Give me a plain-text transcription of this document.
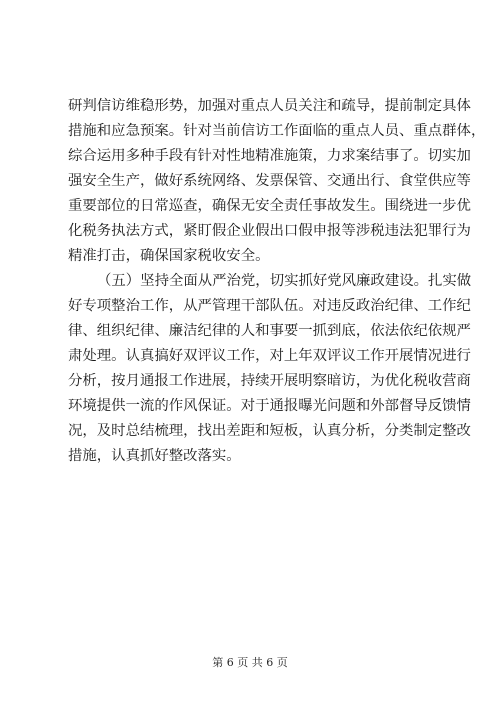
研判信访维稳形势，加强对重点人员关注和疏导，提前制定具体
措施和应急预案。针对当前信访工作面临的重点人员、重点群体，
综合运用多种手段有针对性地精准施策，力求案结事了。切实加
强安全生产，做好系统网络、发票保管、交通出行、食堂供应等
重要部位的日常巡查，确保无安全责任事故发生。围绕进一步优
化税务执法方式，紧盯假企业假出口假申报等涉税违法犯罪行为
精准打击，确保国家税收安全。
（五）坚持全面从严治党，切实抓好党风廉政建设。扎实做
好专项整治工作，从严管理干部队伍。对违反政治纪律、工作纪
律、组织纪律、廉洁纪律的人和事要一抓到底，依法依纪依规严
肃处理。认真搞好双评议工作，对上年双评议工作开展情况进行
分析，按月通报工作进展，持续开展明察暗访，为优化税收营商
环境提供一流的作风保证。对于通报曝光问题和外部督导反馈情
况，及时总结梳理，找出差距和短板，认真分析，分类制定整改
措施，认真抓好整改落实。
第 6 页 共 6 页
